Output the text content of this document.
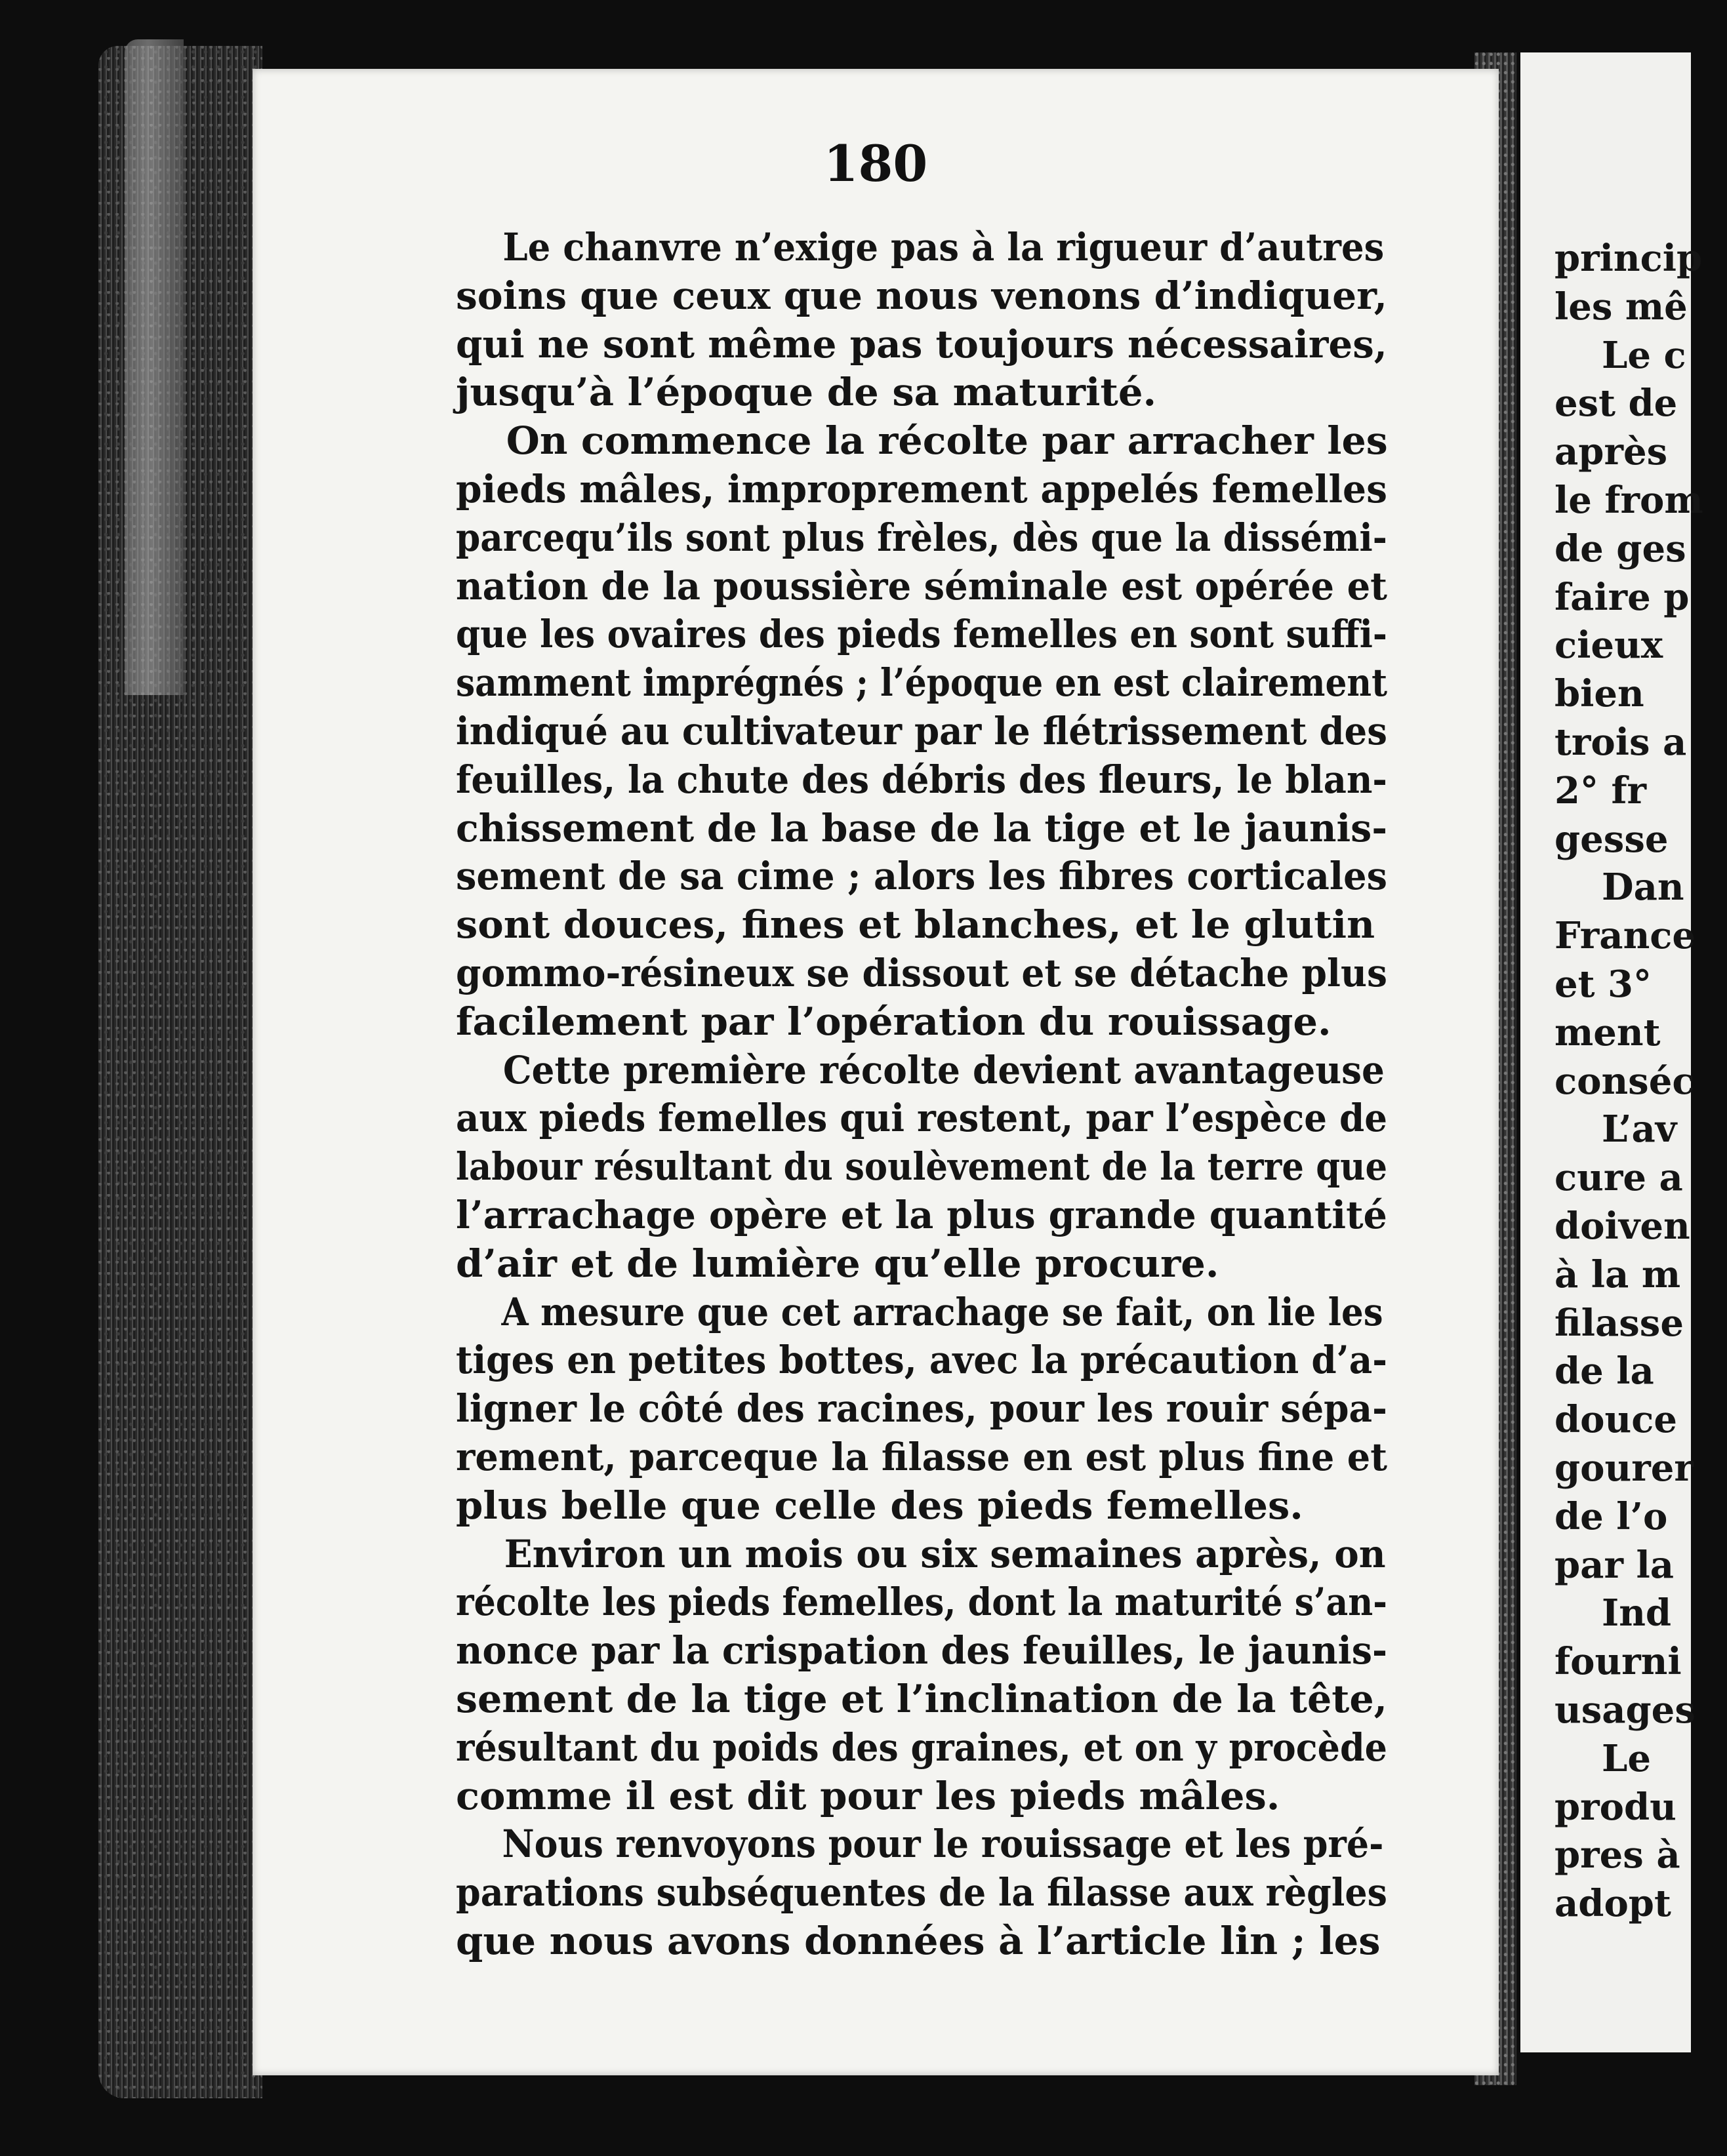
180
Le chanvre n’exige pas à la rigueur d’autres
soins que ceux que nous venons d’indiquer,
qui ne sont même pas toujours nécessaires,
jusqu’à l’époque de sa maturité.
On commence la récolte par arracher les
pieds mâles, improprement appelés femelles
parcequ’ils sont plus frèles, dès que la dissémi-
nation de la poussière séminale est opérée et
que les ovaires des pieds femelles en sont suffi-
samment imprégnés ; l’époque en est clairement
indiqué au cultivateur par le flétrissement des
feuilles, la chute des débris des fleurs, le blan-
chissement de la base de la tige et le jaunis-
sement de sa cime ; alors les fibres corticales
sont douces, fines et blanches, et le glutin
gommo-résineux se dissout et se détache plus
facilement par l’opération du rouissage.
Cette première récolte devient avantageuse
aux pieds femelles qui restent, par l’espèce de
labour résultant du soulèvement de la terre que
l’arrachage opère et la plus grande quantité
d’air et de lumière qu’elle procure.
A mesure que cet arrachage se fait, on lie les
tiges en petites bottes, avec la précaution d’a-
ligner le côté des racines, pour les rouir sépa-
rement, parceque la filasse en est plus fine et
plus belle que celle des pieds femelles.
Environ un mois ou six semaines après, on
récolte les pieds femelles, dont la maturité s’an-
nonce par la crispation des feuilles, le jaunis-
sement de la tige et l’inclination de la tête,
résultant du poids des graines, et on y procède
comme il est dit pour les pieds mâles.
Nous renvoyons pour le rouissage et les pré-
parations subséquentes de la filasse aux règles
que nous avons données à l’article lin ; les
princip
les mê
Le c
est de
après
le from
de ges
faire p
cieux
bien
trois a
2° fr
gesse
Dan
France
et 3°
ment
conséc
L’av
cure a
doiven
à la m
filasse
de la
douce
gourer
de l’o
par la
Ind
fourni
usages
Le
produ
pres à
adopt
